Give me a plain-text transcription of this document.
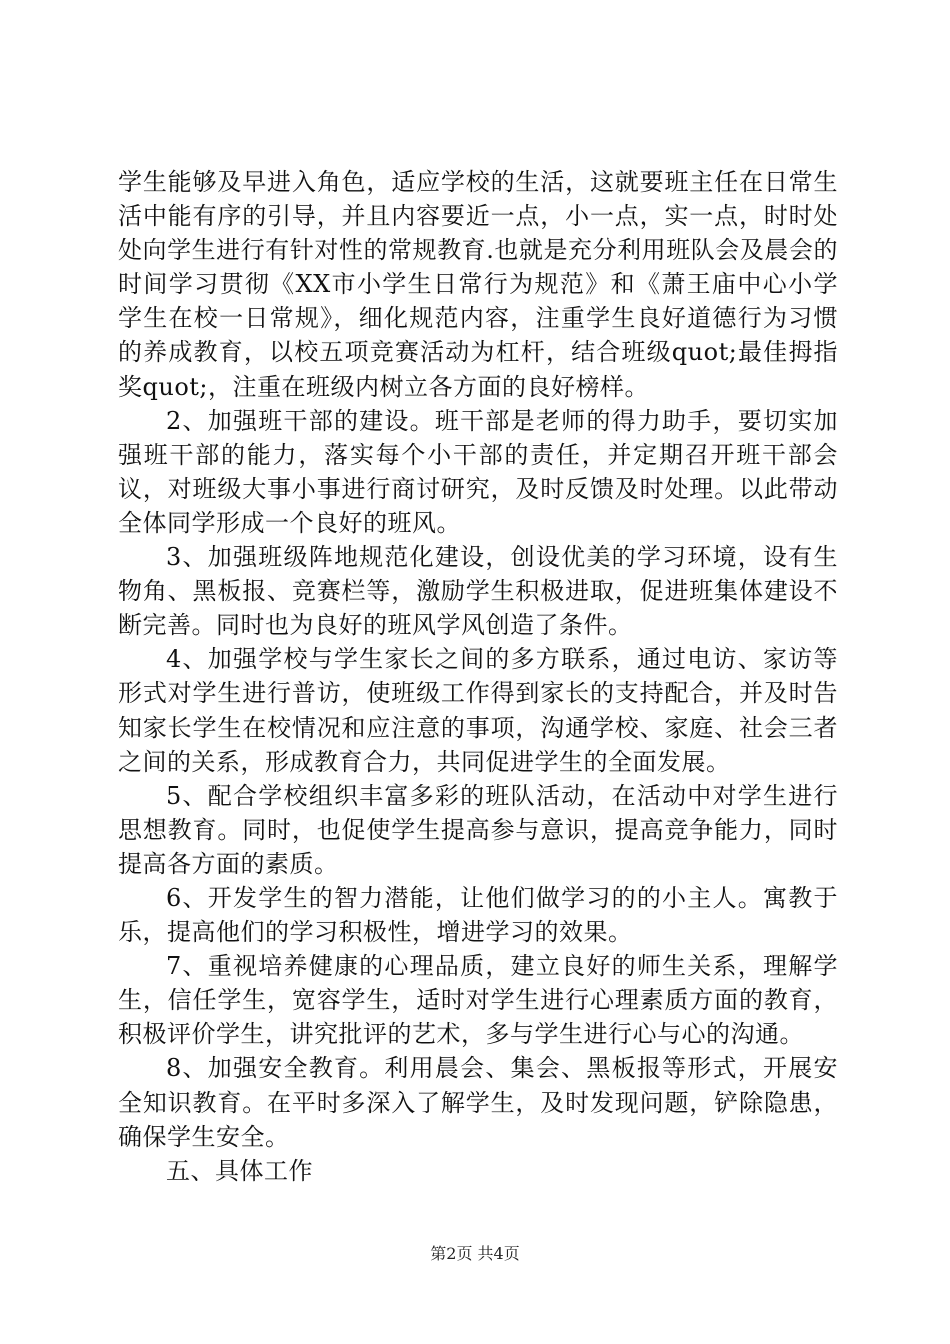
学生能够及早进入角色，适应学校的生活，这就要班主任在日常生活中能有序的引导，并且内容要近一点，小一点，实一点，时时处处向学生进行有针对性的常规教育.也就是充分利用班队会及晨会的时间学习贯彻《XX市小学生日常行为规范》和《萧王庙中心小学学生在校一日常规》，细化规范内容，注重学生良好道德行为习惯的养成教育，以校五项竞赛活动为杠杆，结合班级quot;最佳拇指奖quot;，注重在班级内树立各方面的良好榜样。

2、加强班干部的建设。班干部是老师的得力助手，要切实加强班干部的能力，落实每个小干部的责任，并定期召开班干部会议，对班级大事小事进行商讨研究，及时反馈及时处理。以此带动全体同学形成一个良好的班风。

3、加强班级阵地规范化建设，创设优美的学习环境，设有生物角、黑板报、竞赛栏等，激励学生积极进取，促进班集体建设不断完善。同时也为良好的班风学风创造了条件。

4、加强学校与学生家长之间的多方联系，通过电访、家访等形式对学生进行普访，使班级工作得到家长的支持配合，并及时告知家长学生在校情况和应注意的事项，沟通学校、家庭、社会三者之间的关系，形成教育合力，共同促进学生的全面发展。

5、配合学校组织丰富多彩的班队活动，在活动中对学生进行思想教育。同时，也促使学生提高参与意识，提高竞争能力，同时提高各方面的素质。

6、开发学生的智力潜能，让他们做学习的的小主人。寓教于乐，提高他们的学习积极性，增进学习的效果。

7、重视培养健康的心理品质，建立良好的师生关系，理解学生，信任学生，宽容学生，适时对学生进行心理素质方面的教育，积极评价学生，讲究批评的艺术，多与学生进行心与心的沟通。

8、加强安全教育。利用晨会、集会、黑板报等形式，开展安全知识教育。在平时多深入了解学生，及时发现问题，铲除隐患，确保学生安全。

五、具体工作

第2页 共4页
